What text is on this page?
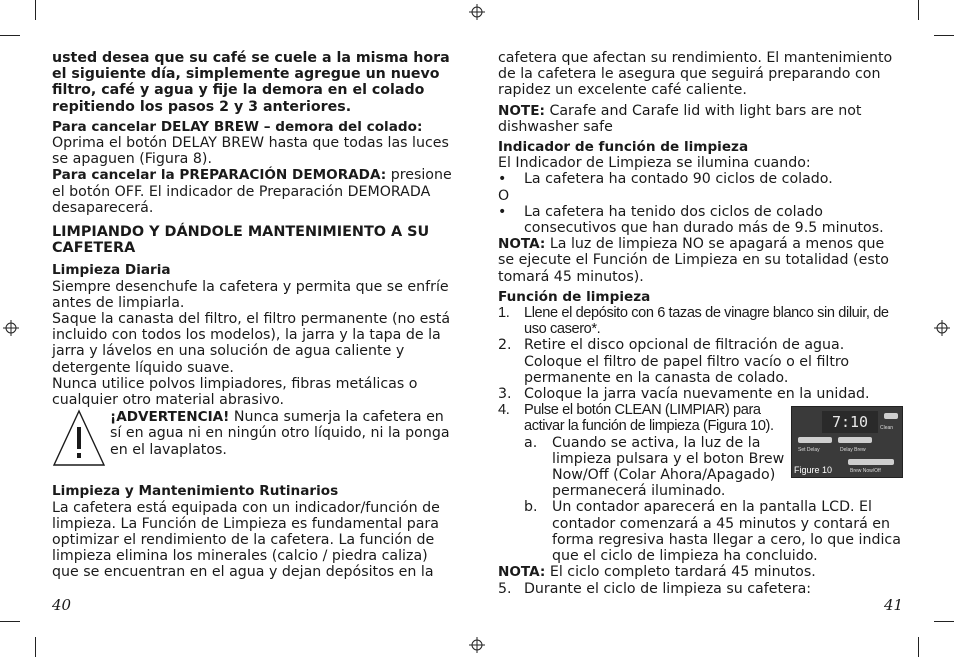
usted desea que su café se cuele a la misma hora el siguiente día, simplemente agregue un nuevo filtro, café y agua y fije la demora en el colado repitiendo los pasos 2 y 3 anteriores.

Para cancelar DELAY BREW – demora del colado:

Oprima el botón DELAY BREW hasta que todas las luces se apaguen (Figura 8).

Para cancelar la PREPARACIÓN DEMORADA: presione el botón OFF. El indicador de Preparación DEMORADA desaparecerá.

LIMPIANDO Y DÁNDOLE MANTENIMIENTO A SU CAFETERA

Limpieza Diaria

Siempre desenchufe la cafetera y permita que se enfríe antes de limpiarla.

Saque la canasta del filtro, el filtro permanente (no está incluido con todos los modelos), la jarra y la tapa de la jarra y lávelos en una solución de agua caliente y detergente líquido suave.

Nunca utilice polvos limpiadores, fibras metálicas o cualquier otro material abrasivo.

¡ADVERTENCIA! Nunca sumerja la cafetera en sí en agua ni en ningún otro líquido, ni la ponga en el lavaplatos.

Limpieza y Mantenimiento Rutinarios

La cafetera está equipada con un indicador/función de limpieza. La Función de Limpieza es fundamental para optimizar el rendimiento de la cafetera. La función de limpieza elimina los minerales (calcio / piedra caliza) que se encuentran en el agua y dejan depósitos en la

40

cafetera que afectan su rendimiento. El mantenimiento de la cafetera le asegura que seguirá preparando con rapidez un excelente café caliente.

NOTE: Carafe and Carafe lid with light bars are not dishwasher safe

Indicador de función de limpieza

El Indicador de Limpieza se ilumina cuando:

•	La cafetera ha contado 90 ciclos de colado.

O

•	La cafetera ha tenido dos ciclos de colado consecutivos que han durado más de 9.5 minutos.

NOTA: La luz de limpieza NO se apagará a menos que se ejecute el Función de Limpieza en su totalidad (esto tomará 45 minutos).

Función de limpieza

1.	Llene el depósito con 6 tazas de vinagre blanco sin diluir, de uso casero*.
2. Retire el disco opcional de filtración de agua. Coloque el filtro de papel filtro vacío o el filtro permanente en la canasta de colado.
3. Coloque la jarra vacía nuevamente en la unidad.
4.	Pulse el botón CLEAN (LIMPIAR) para activar la función de limpieza (Figura 10).
a.	Cuando se activa, la luz de la limpieza pulsara y el boton Brew Now/Off (Colar Ahora/Apagado) permanecerá iluminado.
b.	Un contador aparecerá en la pantalla LCD. El contador comenzará a 45 minutos y contará en forma regresiva hasta llegar a cero, lo que indica que el ciclo de limpieza ha concluido.

NOTA: El ciclo completo tardará 45 minutos.

5. Durante el ciclo de limpieza su cafetera:
41
7:10	Clean
Set Delay	Delay Brew
Brew Now/Off
Figure 10
